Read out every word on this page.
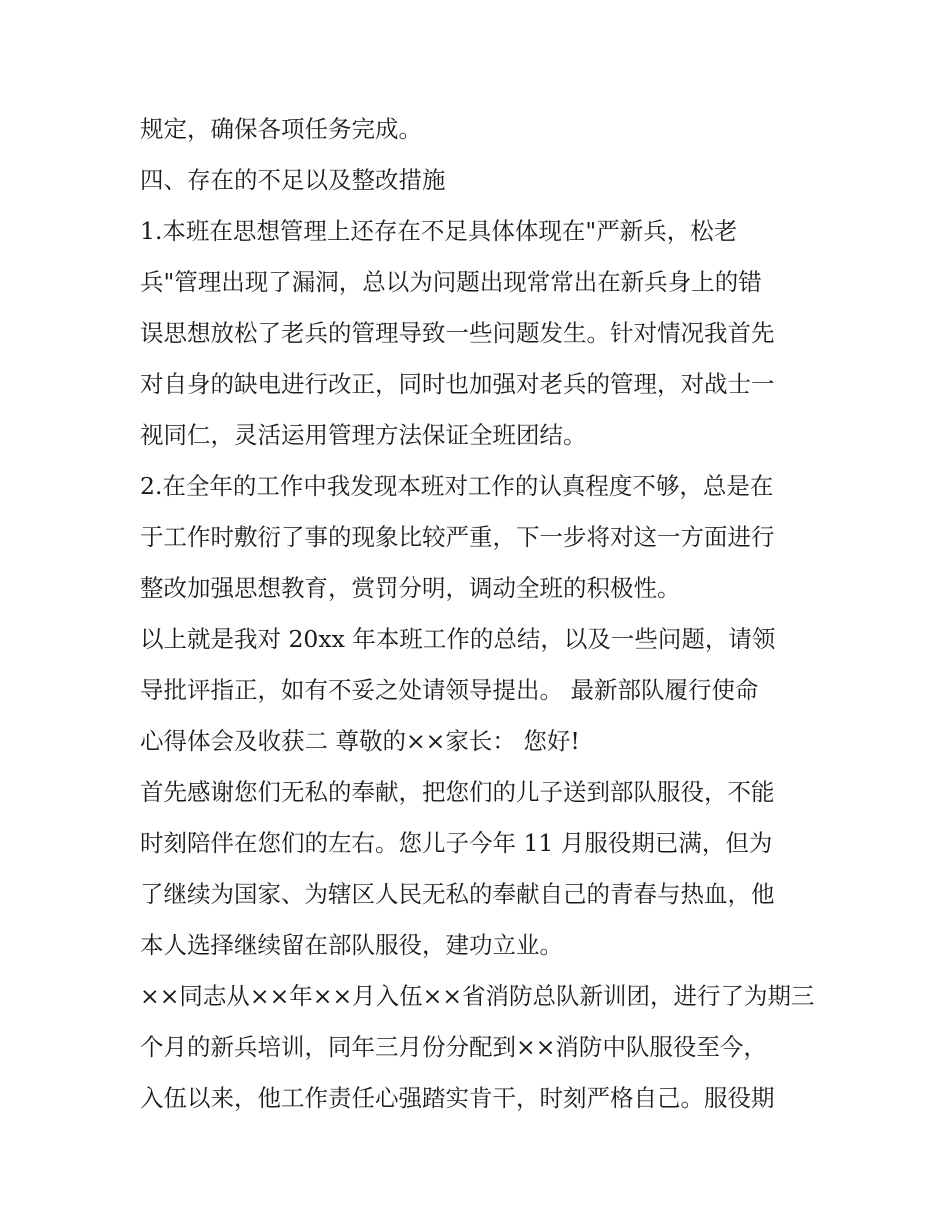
规定，确保各项任务完成。
四、存在的不足以及整改措施
1.本班在思想管理上还存在不足具体体现在"严新兵，松老
兵"管理出现了漏洞，总以为问题出现常常出在新兵身上的错
误思想放松了老兵的管理导致一些问题发生。针对情况我首先
对自身的缺电进行改正，同时也加强对老兵的管理，对战士一
视同仁，灵活运用管理方法保证全班团结。
2.在全年的工作中我发现本班对工作的认真程度不够，总是在
于工作时敷衍了事的现象比较严重，下一步将对这一方面进行
整改加强思想教育，赏罚分明，调动全班的积极性。
以上就是我对 20xx 年本班工作的总结，以及一些问题，请领
导批评指正，如有不妥之处请领导提出。 最新部队履行使命
心得体会及收获二 尊敬的××家长： 您好!
首先感谢您们无私的奉献，把您们的儿子送到部队服役，不能
时刻陪伴在您们的左右。您儿子今年 11 月服役期已满，但为
了继续为国家、为辖区人民无私的奉献自己的青春与热血，他
本人选择继续留在部队服役，建功立业。
××同志从××年××月入伍××省消防总队新训团，进行了为期三
个月的新兵培训，同年三月份分配到××消防中队服役至今，
入伍以来，他工作责任心强踏实肯干，时刻严格自己。服役期
